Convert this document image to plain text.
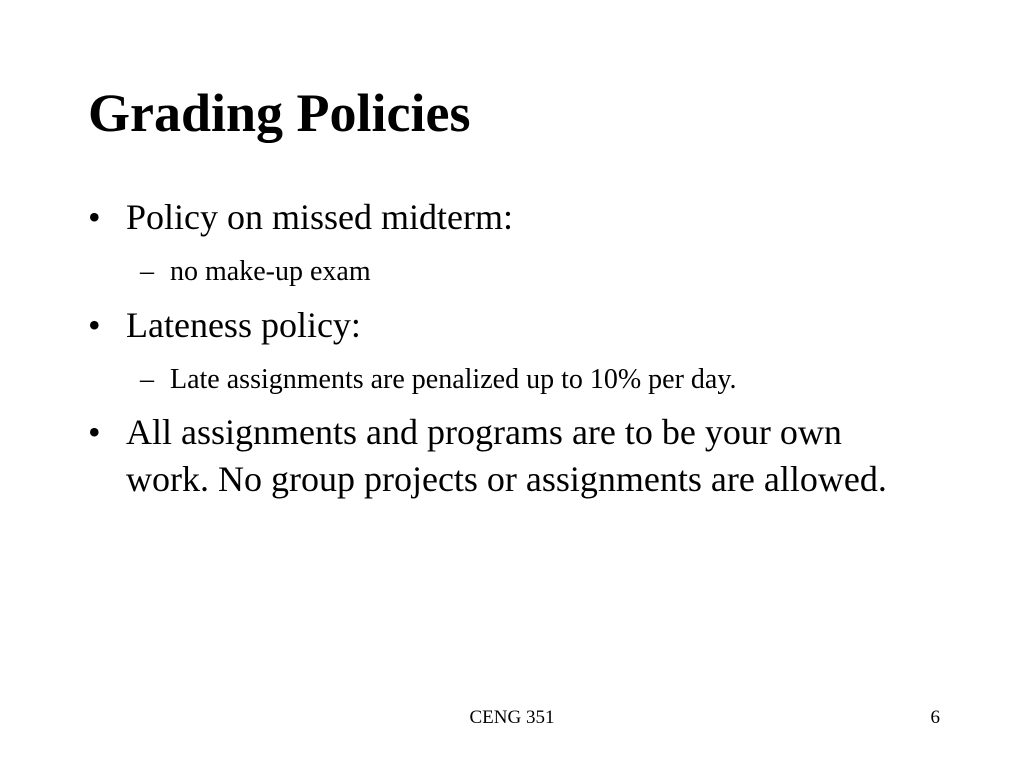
Grading Policies
• Policy on missed midterm:
– no make-up exam
• Lateness policy:
– Late assignments are penalized up to 10% per day.
• All assignments and programs are to be your own work. No group projects or assignments are allowed.
CENG 351	6
